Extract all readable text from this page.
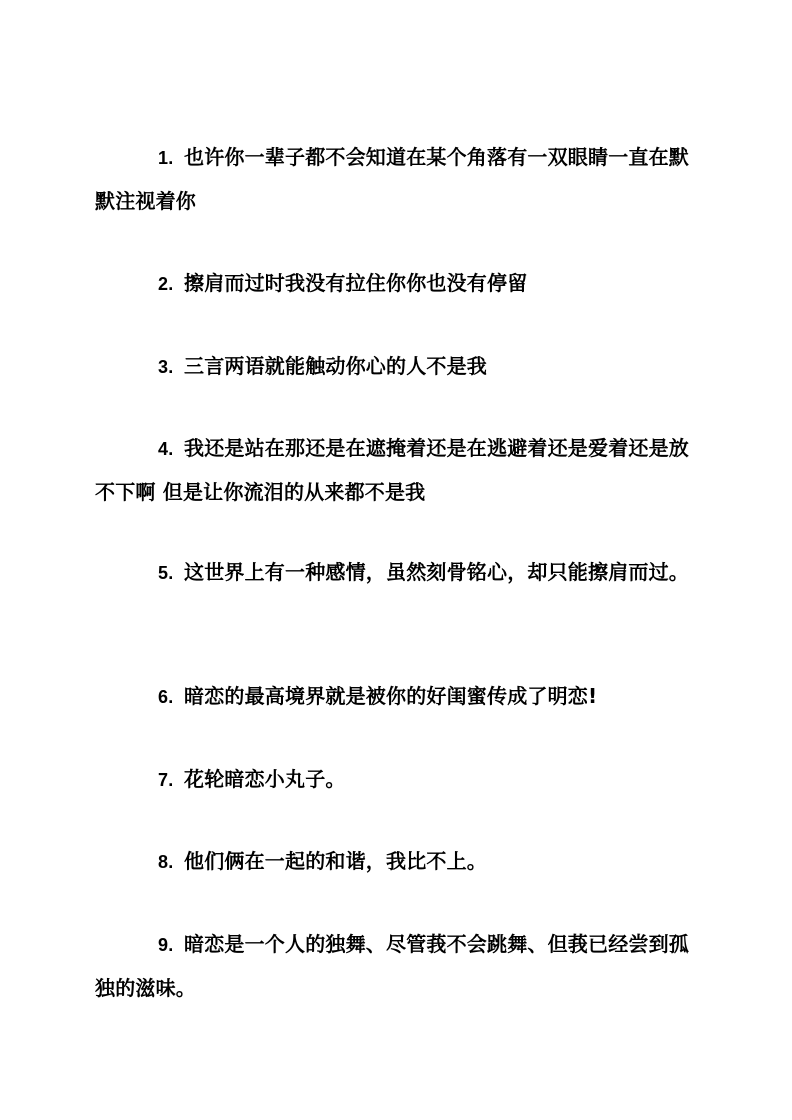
1. 也许你一辈子都不会知道在某个角落有一双眼睛一直在默默注视着你

2. 擦肩而过时我没有拉住你你也没有停留

3. 三言两语就能触动你心的人不是我

4. 我还是站在那还是在遮掩着还是在逃避着还是爱着还是放不下啊 但是让你流泪的从来都不是我

5. 这世界上有一种感情，虽然刻骨铭心，却只能擦肩而过。

6. 暗恋的最高境界就是被你的好闺蜜传成了明恋!

7. 花轮暗恋小丸子。

8. 他们俩在一起的和谐，我比不上。

9. 暗恋是一个人的独舞、尽管莪不会跳舞、但莪已经尝到孤独的滋味。
